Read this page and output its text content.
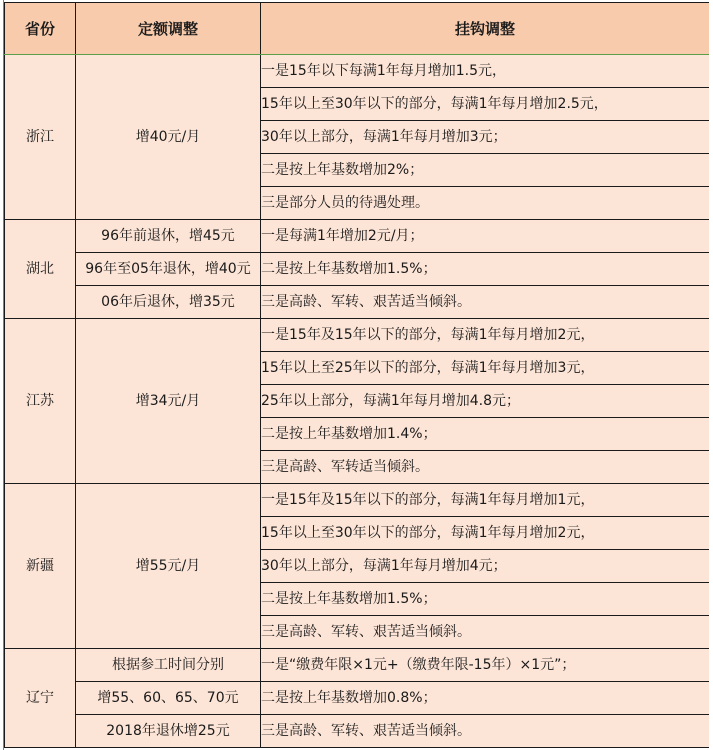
省份	定额调整	挂钩调整
浙江	增40元/月	一是15年以下每满1年每月增加1.5元，
		15年以上至30年以下的部分，每满1年每月增加2.5元，
		30年以上部分，每满1年每月增加3元；
		二是按上年基数增加2%；
		三是部分人员的待遇处理。
湖北	96年前退休，增45元	一是每满1年增加2元/月；
	96年至05年退休，增40元	二是按上年基数增加1.5%；
	06年后退休，增35元	三是高龄、军转、艰苦适当倾斜。
江苏	增34元/月	一是15年及15年以下的部分，每满1年每月增加2元，
		15年以上至25年以下的部分，每满1年每月增加3元，
		25年以上部分，每满1年每月增加4.8元；
		二是按上年基数增加1.4%；
		三是高龄、军转适当倾斜。
新疆	增55元/月	一是15年及15年以下的部分，每满1年每月增加1元，
		15年以上至30年以下的部分，每满1年每月增加2元，
		30年以上部分，每满1年每月增加4元；
		二是按上年基数增加1.5%；
		三是高龄、军转、艰苦适当倾斜。
辽宁	根据参工时间分别	一是“缴费年限×1元+（缴费年限-15年）×1元”；
	增55、60、65、70元	二是按上年基数增加0.8%；
	2018年退休增25元	三是高龄、军转、艰苦适当倾斜。
